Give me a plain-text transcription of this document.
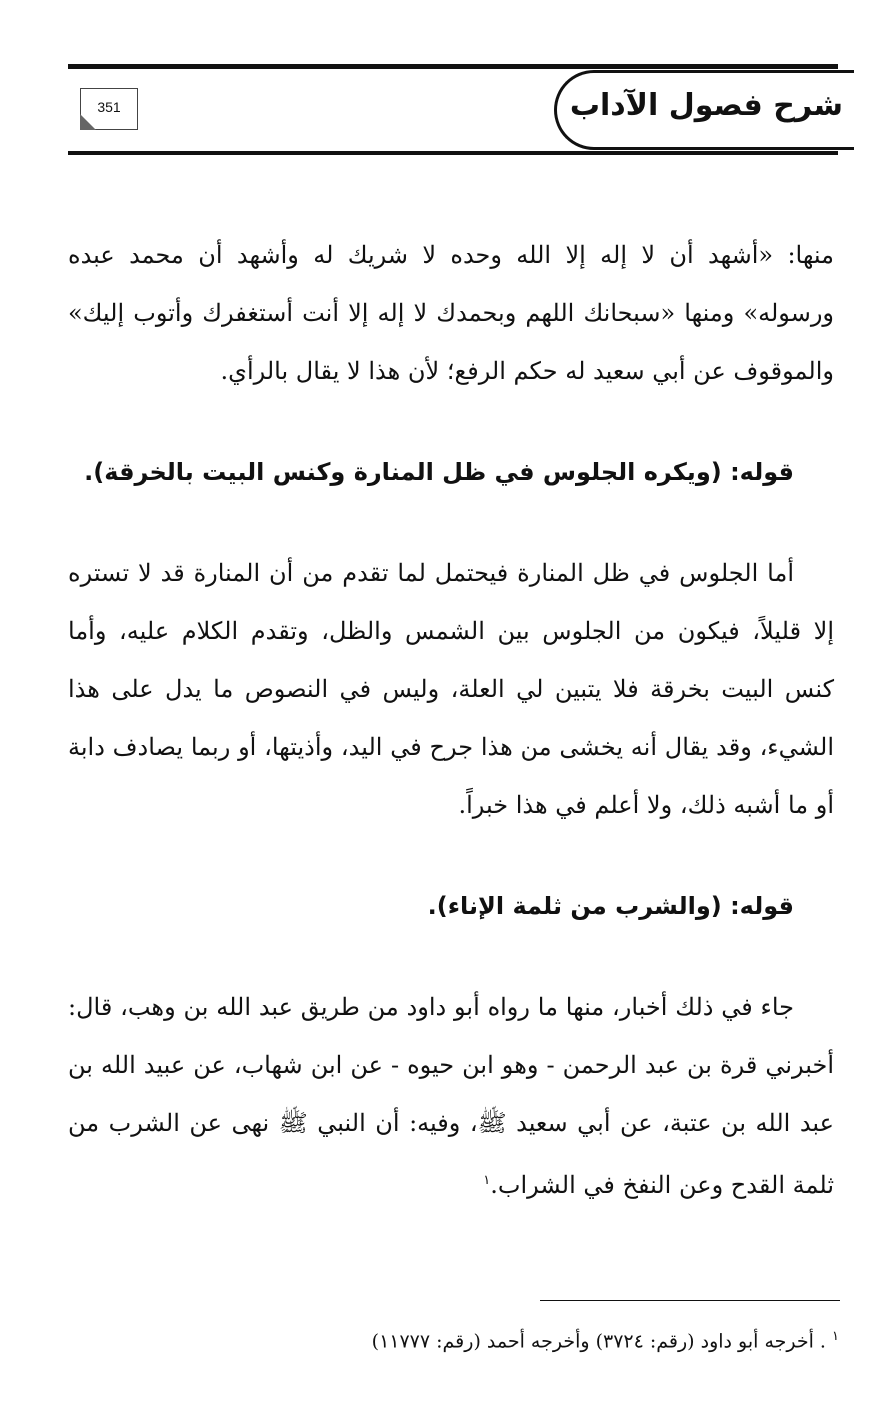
شرح فصول الآداب
351

منها: «أشهد أن لا إله إلا الله وحده لا شريك له وأشهد أن محمد عبده ورسوله» ومنها «سبحانك اللهم وبحمدك لا إله إلا أنت أستغفرك وأتوب إليك» والموقوف عن أبي سعيد له حكم الرفع؛ لأن هذا لا يقال بالرأي.

قوله: (ويكره الجلوس في ظل المنارة وكنس البيت بالخرقة).

أما الجلوس في ظل المنارة فيحتمل لما تقدم من أن المنارة قد لا تستره إلا قليلاً، فيكون من الجلوس بين الشمس والظل، وتقدم الكلام عليه، وأما كنس البيت بخرقة فلا يتبين لي العلة، وليس في النصوص ما يدل على هذا الشيء، وقد يقال أنه يخشى من هذا جرح في اليد، وأذيتها، أو ربما يصادف دابة أو ما أشبه ذلك، ولا أعلم في هذا خبراً.

قوله: (والشرب من ثلمة الإناء).

جاء في ذلك أخبار، منها ما رواه أبو داود من طريق عبد الله بن وهب، قال: أخبرني قرة بن عبد الرحمن - وهو ابن حيوه - عن ابن شهاب، عن عبيد الله بن عبد الله بن عتبة، عن أبي سعيد ﷺ، وفيه: أن النبي ﷺ نهى عن الشرب من ثلمة القدح وعن النفخ في الشراب.$^١$

$^١$ . أخرجه أبو داود (رقم: ٣٧٢٤) وأخرجه أحمد (رقم: ١١٧٧٧)
